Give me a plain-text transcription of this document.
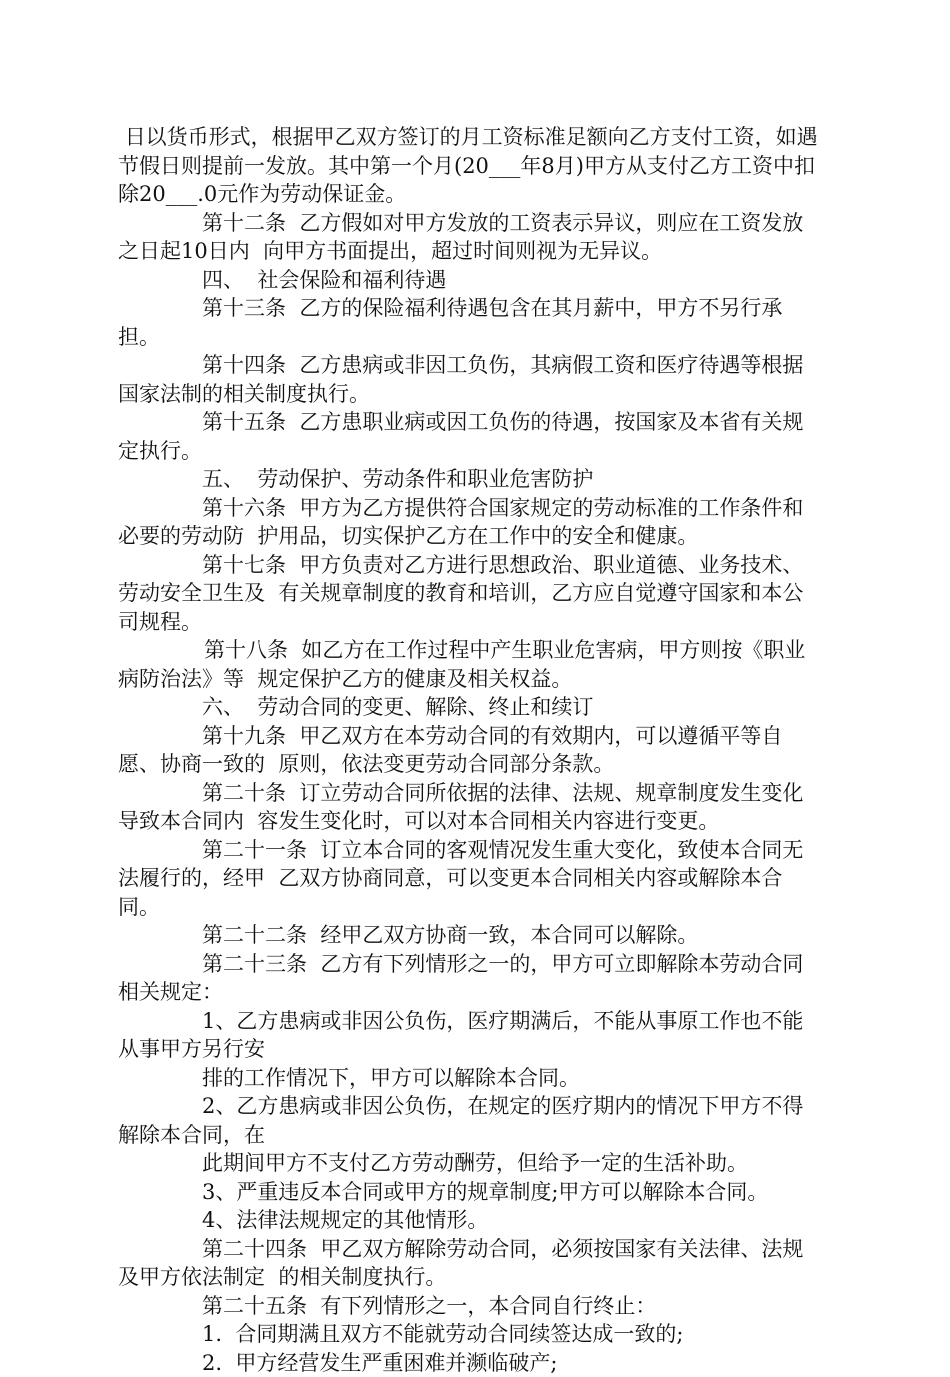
日以货币形式，根据甲乙双方签订的月工资标准足额向乙方支付工资，如遇节假日则提前一发放。其中第一个月(20___年8月)甲方从支付乙方工资中扣除20___.0元作为劳动保证金。

第十二条  乙方假如对甲方发放的工资表示异议，则应在工资发放之日起10日内  向甲方书面提出，超过时间则视为无异议。

四、  社会保险和福利待遇

第十三条  乙方的保险福利待遇包含在其月薪中，甲方不另行承担。

第十四条  乙方患病或非因工负伤，其病假工资和医疗待遇等根据国家法制的相关制度执行。

第十五条  乙方患职业病或因工负伤的待遇，按国家及本省有关规定执行。

五、  劳动保护、劳动条件和职业危害防护

第十六条  甲方为乙方提供符合国家规定的劳动标准的工作条件和必要的劳动防  护用品，切实保护乙方在工作中的安全和健康。

第十七条  甲方负责对乙方进行思想政治、职业道德、业务技术、劳动安全卫生及  有关规章制度的教育和培训，乙方应自觉遵守国家和本公司规程。

第十八条  如乙方在工作过程中产生职业危害病，甲方则按《职业病防治法》等  规定保护乙方的健康及相关权益。

六、  劳动合同的变更、解除、终止和续订

第十九条  甲乙双方在本劳动合同的有效期内，可以遵循平等自愿、协商一致的  原则，依法变更劳动合同部分条款。

第二十条  订立劳动合同所依据的法律、法规、规章制度发生变化导致本合同内  容发生变化时，可以对本合同相关内容进行变更。

第二十一条  订立本合同的客观情况发生重大变化，致使本合同无法履行的，经甲  乙双方协商同意，可以变更本合同相关内容或解除本合同。

第二十二条  经甲乙双方协商一致，本合同可以解除。

第二十三条  乙方有下列情形之一的，甲方可立即解除本劳动合同相关规定：

1、乙方患病或非因公负伤，医疗期满后，不能从事原工作也不能从事甲方另行安

排的工作情况下，甲方可以解除本合同。

2、乙方患病或非因公负伤，在规定的医疗期内的情况下甲方不得解除本合同，在

此期间甲方不支付乙方劳动酬劳，但给予一定的生活补助。

3、严重违反本合同或甲方的规章制度;甲方可以解除本合同。

4、法律法规规定的其他情形。

第二十四条  甲乙双方解除劳动合同，必须按国家有关法律、法规及甲方依法制定  的相关制度执行。

第二十五条  有下列情形之一，本合同自行终止：

1.  合同期满且双方不能就劳动合同续签达成一致的;

2.  甲方经营发生严重困难并濒临破产;
